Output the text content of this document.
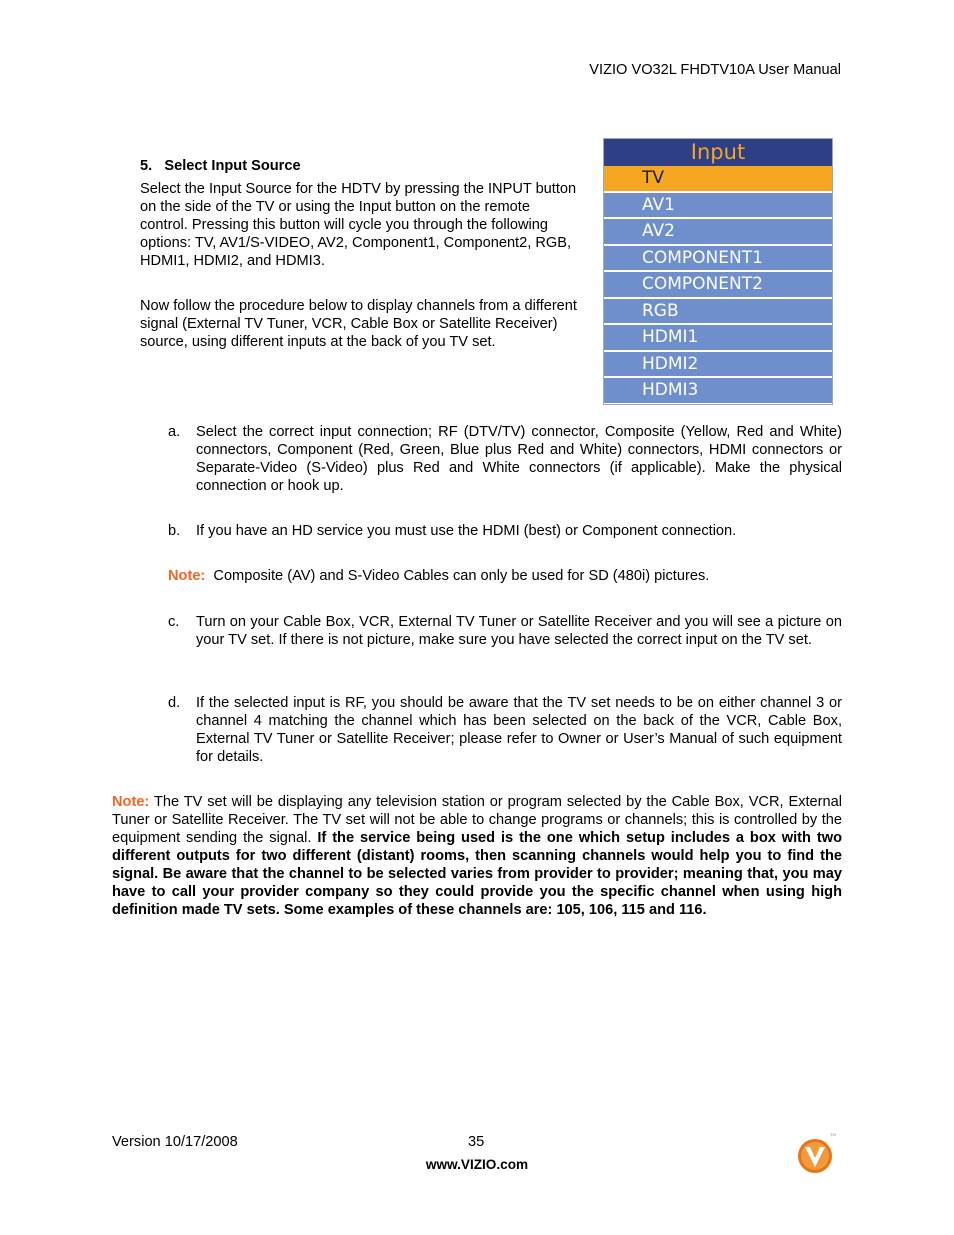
VIZIO VO32L FHDTV10A User Manual
5. Select Input Source
Select the Input Source for the HDTV by pressing the INPUT button on the side of the TV or using the Input button on the remote control. Pressing this button will cycle you through the following options: TV, AV1/S-VIDEO, AV2, Component1, Component2, RGB, HDMI1, HDMI2, and HDMI3.
Now follow the procedure below to display channels from a different signal (External TV Tuner, VCR, Cable Box or Satellite Receiver) source, using different inputs at the back of you TV set.
Input
TV
AV1
AV2
COMPONENT1
COMPONENT2
RGB
HDMI1
HDMI2
HDMI3
a. Select the correct input connection; RF (DTV/TV) connector, Composite (Yellow, Red and White) connectors, Component (Red, Green, Blue plus Red and White) connectors, HDMI connectors or Separate-Video (S-Video) plus Red and White connectors (if applicable). Make the physical connection or hook up.
b. If you have an HD service you must use the HDMI (best) or Component connection.
Note: Composite (AV) and S-Video Cables can only be used for SD (480i) pictures.
c. Turn on your Cable Box, VCR, External TV Tuner or Satellite Receiver and you will see a picture on your TV set. If there is not picture, make sure you have selected the correct input on the TV set.
d. If the selected input is RF, you should be aware that the TV set needs to be on either channel 3 or channel 4 matching the channel which has been selected on the back of the VCR, Cable Box, External TV Tuner or Satellite Receiver; please refer to Owner or User’s Manual of such equipment for details.
Note: The TV set will be displaying any television station or program selected by the Cable Box, VCR, External Tuner or Satellite Receiver. The TV set will not be able to change programs or channels; this is controlled by the equipment sending the signal. If the service being used is the one which setup includes a box with two different outputs for two different (distant) rooms, then scanning channels would help you to find the signal. Be aware that the channel to be selected varies from provider to provider; meaning that, you may have to call your provider company so they could provide you the specific channel when using high definition made TV sets. Some examples of these channels are: 105, 106, 115 and 116.
Version 10/17/2008	35
www.VIZIO.com
TM
